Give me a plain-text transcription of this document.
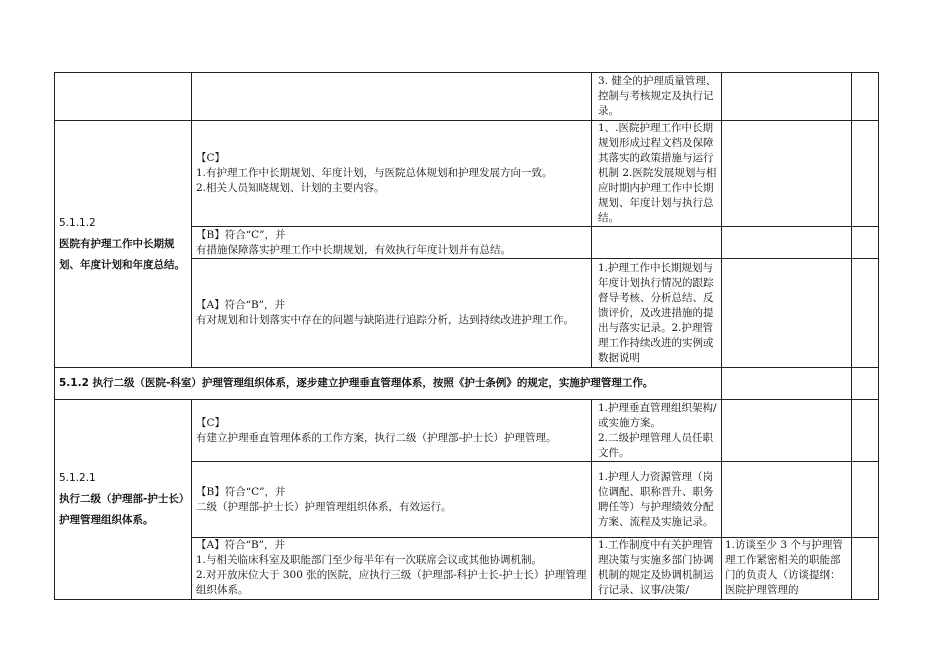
		3. 健全的护理质量管理、控制与考核规定及执行记录。		

5.1.1.2
医院有护理工作中长期规划、年度计划和年度总结。	【C】
1.有护理工作中长期规划、年度计划，与医院总体规划和护理发展方向一致。
2.相关人员知晓规划、计划的主要内容。	1、.医院护理工作中长期规划形成过程文档及保障其落实的政策措施与运行机制 2.医院发展规划与相应时期内护理工作中长期规划、年度计划与执行总结。		

	【B】符合“C”，并
有措施保障落实护理工作中长期规划，有效执行年度计划并有总结。			

	【A】符合“B”，并
有对规划和计划落实中存在的问题与缺陷进行追踪分析，达到持续改进护理工作。	1.护理工作中长期规划与年度计划执行情况的跟踪督导考核、分析总结、反馈评价，及改进措施的提出与落实记录。2.护理管理工作持续改进的实例或数据说明		
5.1.2 执行二级（医院-科室）护理管理组织体系，逐步建立护理垂直管理体系，按照《护士条例》的规定，实施护理管理工作。				

5.1.2.1
执行二级（护理部-护士长）护理管理组织体系。	【C】
有建立护理垂直管理体系的工作方案，执行二级（护理部-护士长）护理管理。	1.护理垂直管理组织架构/或实施方案。
2.二级护理管理人员任职文件。		

	【B】符合“C”，并
二级（护理部-护士长）护理管理组织体系，有效运行。	1.护理人力资源管理（岗位调配、职称晋升、职务聘任等）与护理绩效分配方案、流程及实施记录。		

	【A】符合“B”，并
1.与相关临床科室及职能部门至少每半年有一次联席会议或其他协调机制。
2.对开放床位大于 300 张的医院，应执行三级（护理部-科护士长-护士长）护理管理组织体系。	1.工作制度中有关护理管理决策与实施多部门协调机制的规定及协调机制运行记录、议事/决策/	1.访谈至少 3 个与护理管理工作紧密相关的职能部门的负责人（访谈提纲：医院护理管理的	
